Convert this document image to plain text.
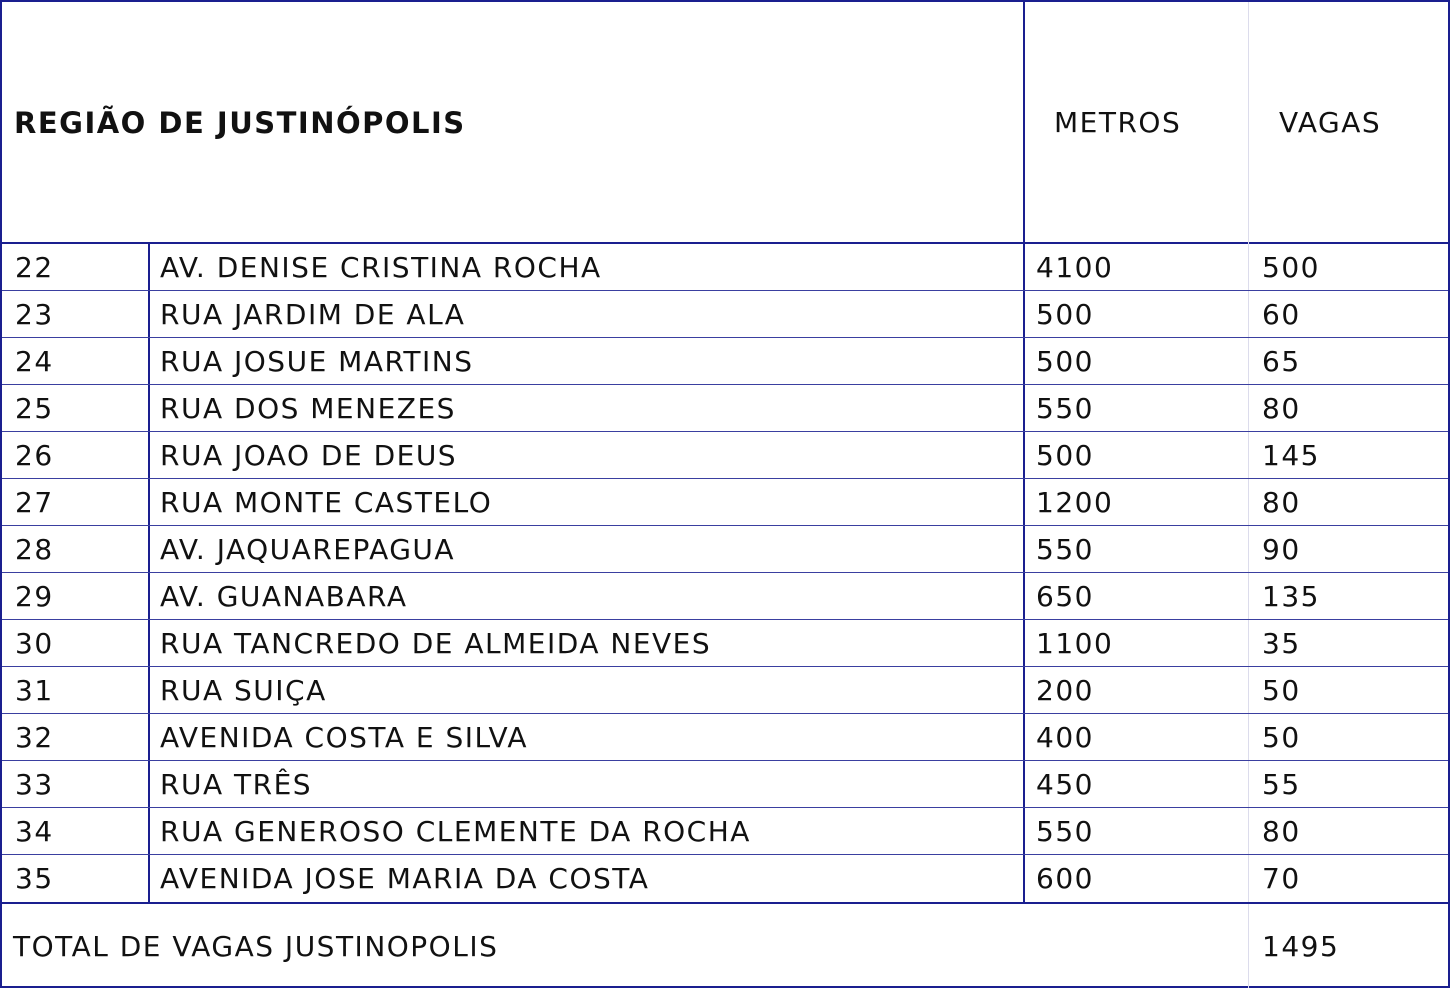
REGIÃO DE JUSTINÓPOLIS	METROS	VAGAS
22	AV. DENISE CRISTINA ROCHA	4100	500
23	RUA JARDIM DE ALA	500	60
24	RUA JOSUE MARTINS	500	65
25	RUA DOS MENEZES	550	80
26	RUA JOAO DE DEUS	500	145
27	RUA MONTE CASTELO	1200	80
28	AV. JAQUAREPAGUA	550	90
29	AV. GUANABARA	650	135
30	RUA TANCREDO DE ALMEIDA NEVES	1100	35
31	RUA SUIÇA	200	50
32	AVENIDA COSTA E SILVA	400	50
33	RUA TRÊS	450	55
34	RUA GENEROSO CLEMENTE DA ROCHA	550	80
35	AVENIDA JOSE MARIA DA COSTA	600	70
TOTAL DE VAGAS JUSTINOPOLIS	1495
